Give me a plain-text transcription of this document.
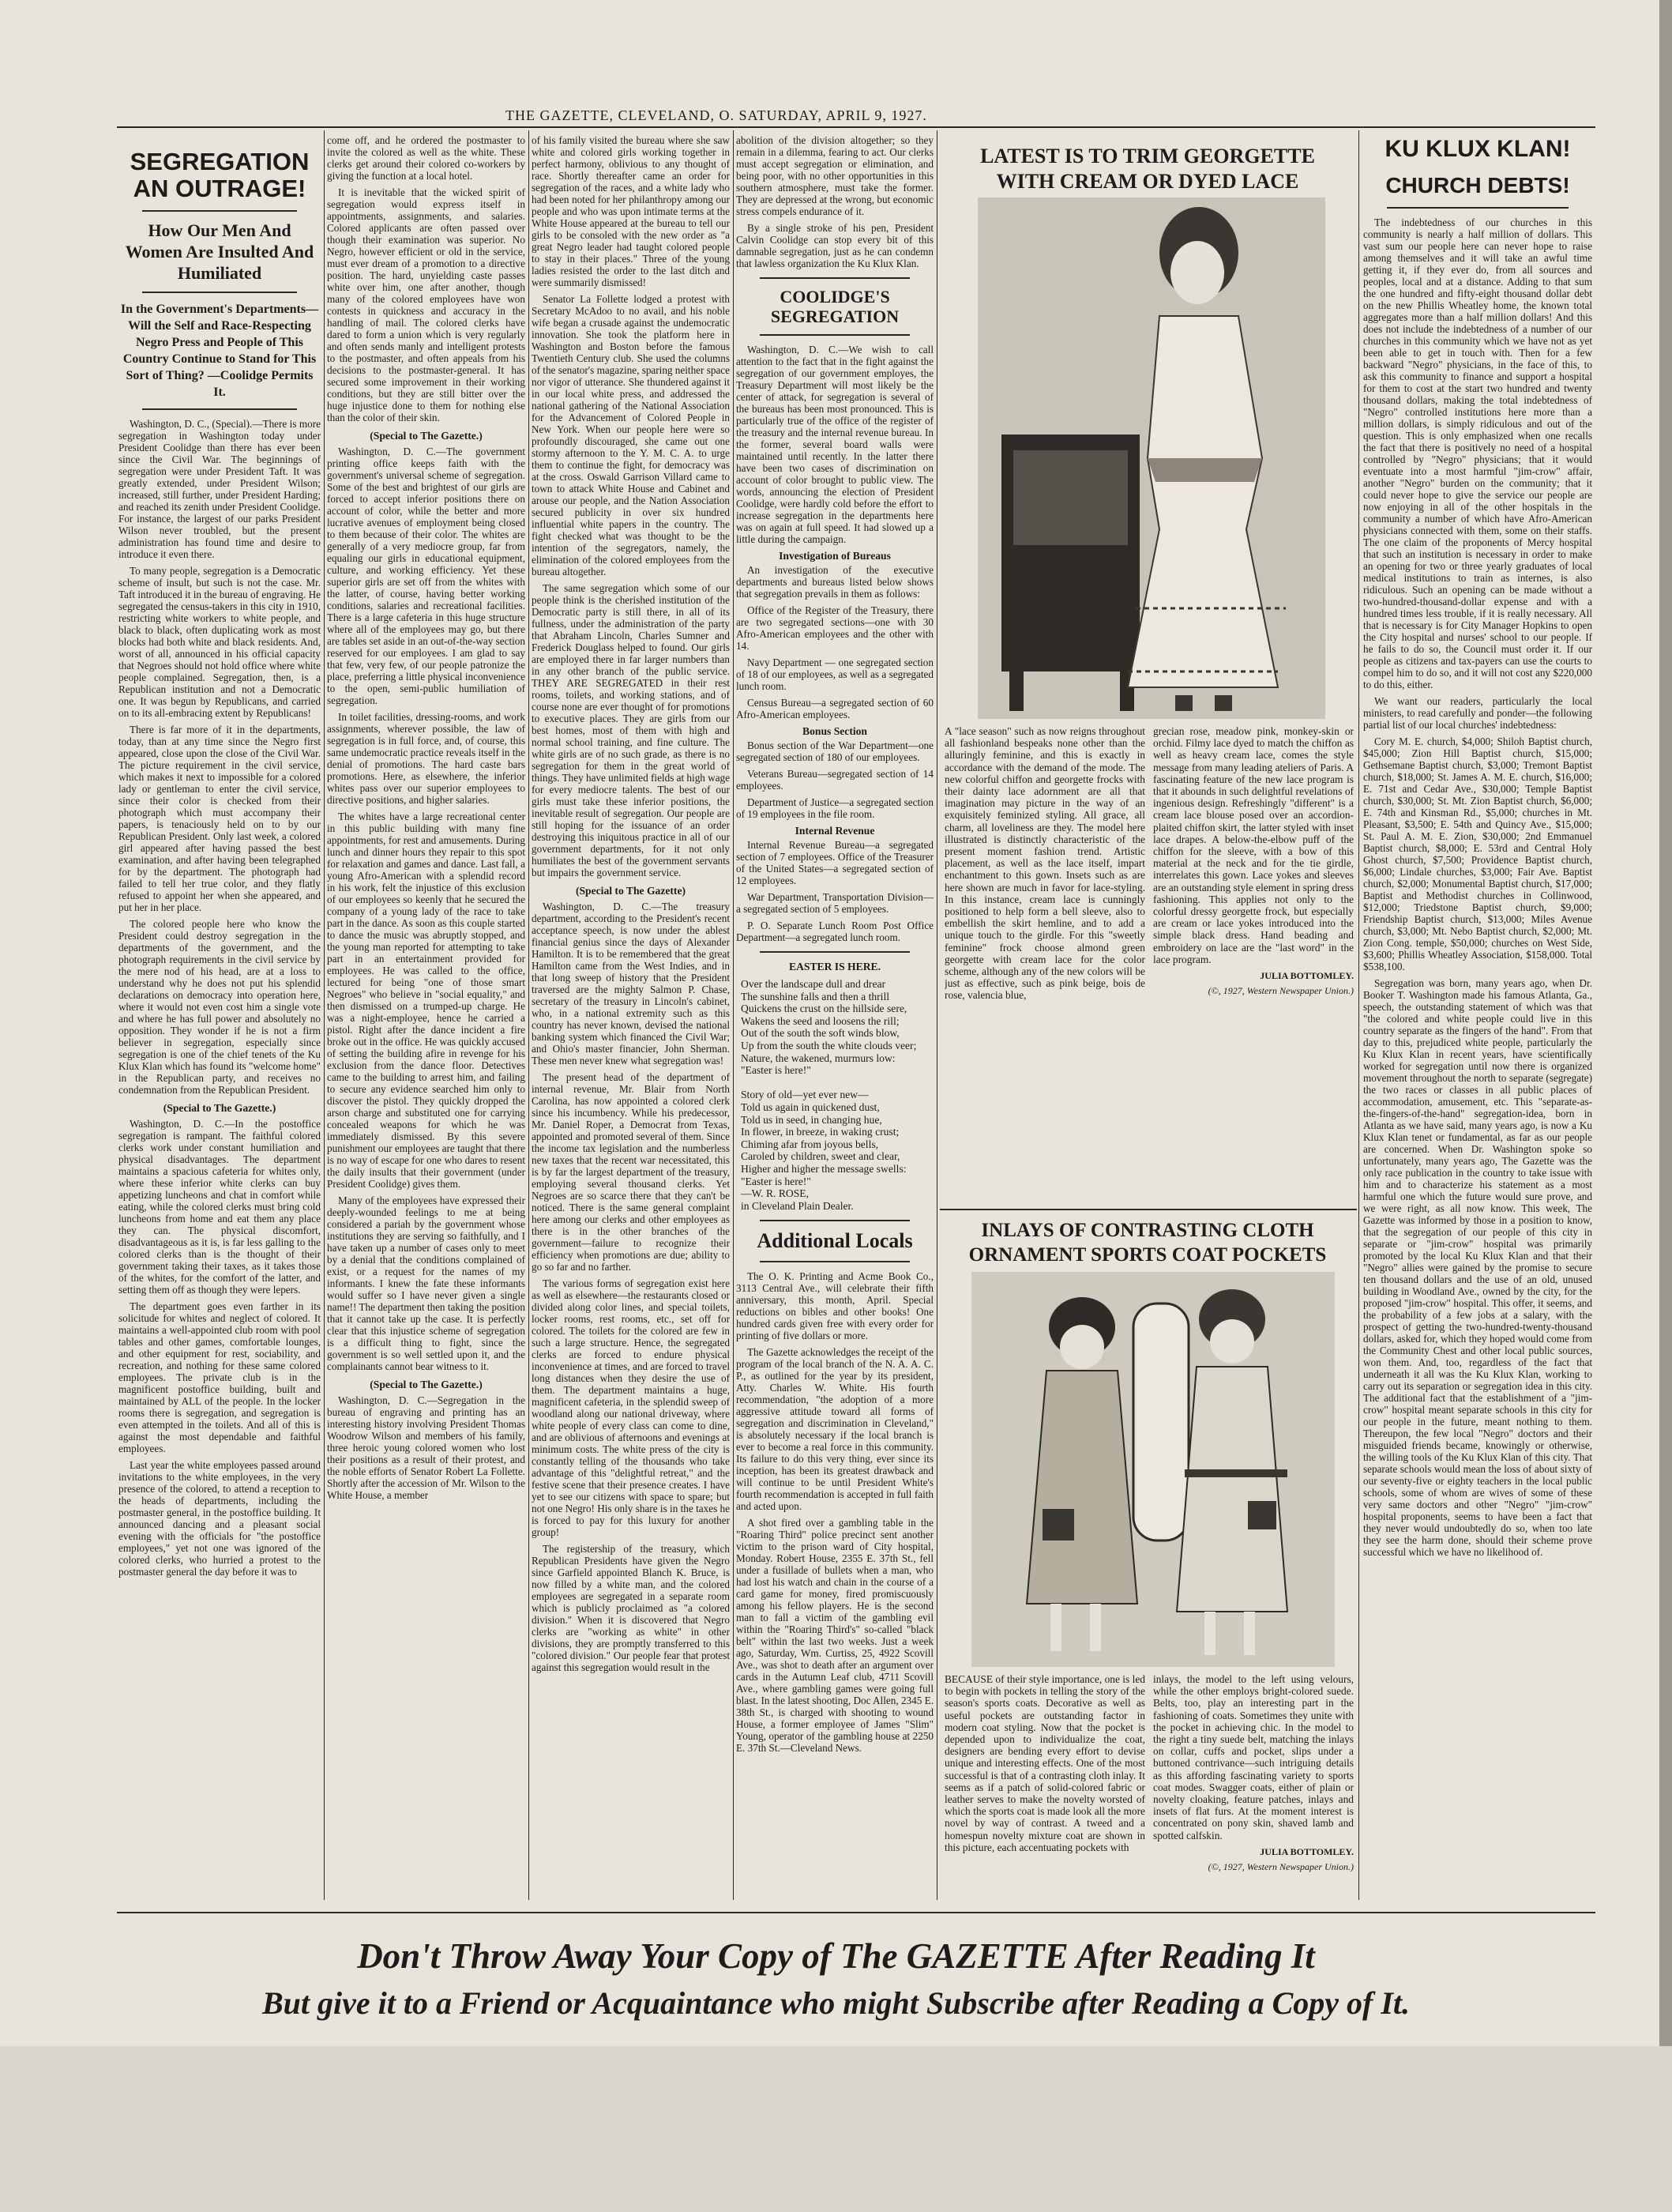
THE GAZETTE, CLEVELAND, O. SATURDAY, APRIL 9, 1927.
SEGREGATION AN OUTRAGE!
How Our Men And Women Are Insulted And Humiliated
In the Government's Departments—Will the Self and Race-Respecting Negro Press and People of This Country Continue to Stand for This Sort of Thing? —Coolidge Permits It.

Washington, D. C., (Special).—There is more segregation in Washington today under President Coolidge than there has ever been since the Civil War. The beginnings of segregation were under President Taft. It was greatly extended, under President Wilson; increased, still further, under President Harding; and reached its zenith under President Coolidge. For instance, the largest of our parks President Wilson never troubled, but the present administration has found time and desire to introduce it even there.

To many people, segregation is a Democratic scheme of insult, but such is not the case. Mr. Taft introduced it in the bureau of engraving. He segregated the census-takers in this city in 1910, restricting white workers to white people, and black to black, often duplicating work as most blocks had both white and black residents. And, worst of all, announced in his official capacity that Negroes should not hold office where white people complained. Segregation, then, is a Republican institution and not a Democratic one. It was begun by Republicans, and carried on to its all-embracing extent by Republicans!

There is far more of it in the departments, today, than at any time since the Negro first appeared, close upon the close of the Civil War. The picture requirement in the civil service, which makes it next to impossible for a colored lady or gentleman to enter the civil service, since their color is checked from their photograph which must accompany their papers, is tenaciously held on to by our Republican President. Only last week, a colored girl appeared after having passed the best examination, and after having been telegraphed for by the department. The photograph had failed to tell her true color, and they flatly refused to appoint her when she appeared, and put her in her place.

The colored people here who know the President could destroy segregation in the departments of the government, and the photograph requirements in the civil service by the mere nod of his head, are at a loss to understand why he does not put his splendid declarations on democracy into operation here, where it would not even cost him a single vote and where he has full power and absolutely no opposition. They wonder if he is not a firm believer in segregation, especially since segregation is one of the chief tenets of the Ku Klux Klan which has found its "welcome home" in the Republican party, and receives no condemnation from the Republican President.

(Special to The Gazette.)

Washington, D. C.—In the postoffice segregation is rampant. The faithful colored clerks work under constant humiliation and physical disadvantages. The department maintains a spacious cafeteria for whites only, where these inferior white clerks can buy appetizing luncheons and chat in comfort while eating, while the colored clerks must bring cold luncheons from home and eat them any place they can. The physical discomfort, disadvantageous as it is, is far less galling to the colored clerks than is the thought of their government taking their taxes, as it takes those of the whites, for the comfort of the latter, and setting them off as though they were lepers.

The department goes even farther in its solicitude for whites and neglect of colored. It maintains a well-appointed club room with pool tables and other games, comfortable lounges, and other equipment for rest, sociability, and recreation, and nothing for these same colored employees. The private club is in the magnificent postoffice building, built and maintained by ALL of the people. In the locker rooms there is segregation, and segregation is even attempted in the toilets. And all of this is against the most dependable and faithful employees.

Last year the white employees passed around invitations to the white employees, in the very presence of the colored, to attend a reception to the heads of departments, including the postmaster general, in the postoffice building. It announced dancing and a pleasant social evening with the officials for "the postoffice employees," yet not one was ignored of the colored clerks, who hurried a protest to the postmaster general the day before it was to

come off, and he ordered the postmaster to invite the colored as well as the white. These clerks get around their colored co-workers by giving the function at a local hotel.

It is inevitable that the wicked spirit of segregation would express itself in appointments, assignments, and salaries. Colored applicants are often passed over though their examination was superior. No Negro, however efficient or old in the service, must ever dream of a promotion to a directive position. The hard, unyielding caste passes white over him, one after another, though many of the colored employees have won contests in quickness and accuracy in the handling of mail. The colored clerks have dared to form a union which is very regularly and often sends manly and intelligent protests to the postmaster, and often appeals from his decisions to the postmaster-general. It has secured some improvement in their working conditions, but they are still bitter over the huge injustice done to them for nothing else than the color of their skin.

(Special to The Gazette.)

Washington, D. C.—The government printing office keeps faith with the government's universal scheme of segregation. Some of the best and brightest of our girls are forced to accept inferior positions there on account of color, while the better and more lucrative avenues of employment being closed to them because of their color. The whites are generally of a very mediocre group, far from equaling our girls in educational equipment, culture, and working efficiency. Yet these superior girls are set off from the whites with the latter, of course, having better working conditions, salaries and recreational facilities. There is a large cafeteria in this huge structure where all of the employees may go, but there are tables set aside in an out-of-the-way section reserved for our employees. I am glad to say that few, very few, of our people patronize the place, preferring a little physical inconvenience to the open, semi-public humiliation of segregation.

In toilet facilities, dressing-rooms, and work assignments, wherever possible, the law of segregation is in full force, and, of course, this same undemocratic practice reveals itself in the denial of promotions. The hard caste bars promotions. Here, as elsewhere, the inferior whites pass over our superior employees to directive positions, and higher salaries.

The whites have a large recreational center in this public building with many fine appointments, for rest and amusements. During lunch and dinner hours they repair to this spot for relaxation and games and dance. Last fall, a young Afro-American with a splendid record in his work, felt the injustice of this exclusion of our employees so keenly that he secured the company of a young lady of the race to take part in the dance. As soon as this couple started to dance the music was abruptly stopped, and the young man reported for attempting to take part in an entertainment provided for employees. He was called to the office, lectured for being "one of those smart Negroes" who believe in "social equality," and then dismissed on a trumped-up charge. He was a night-employee, hence he carried a pistol. Right after the dance incident a fire broke out in the office. He was quickly accused of setting the building afire in revenge for his exclusion from the dance floor. Detectives came to the building to arrest him, and failing to secure any evidence searched him only to discover the pistol. They quickly dropped the arson charge and substituted one for carrying concealed weapons for which he was immediately dismissed. By this severe punishment our employees are taught that there is no way of escape for one who dares to resent the daily insults that their government (under President Coolidge) gives them.

Many of the employees have expressed their deeply-wounded feelings to me at being considered a pariah by the government whose institutions they are serving so faithfully, and I have taken up a number of cases only to meet by a denial that the conditions complained of exist, or a request for the names of my informants. I knew the fate these informants would suffer so I have never given a single name!! The department then taking the position that it cannot take up the case. It is perfectly clear that this injustice scheme of segregation is a difficult thing to fight, since the government is so well settled upon it, and the complainants cannot bear witness to it.

(Special to The Gazette.)

Washington, D. C.—Segregation in the bureau of engraving and printing has an interesting history involving President Thomas Woodrow Wilson and members of his family, three heroic young colored women who lost their positions as a result of their protest, and the noble efforts of Senator Robert La Follette. Shortly after the accession of Mr. Wilson to the White House, a member

of his family visited the bureau where she saw white and colored girls working together in perfect harmony, oblivious to any thought of race. Shortly thereafter came an order for segregation of the races, and a white lady who had been noted for her philanthropy among our people and who was upon intimate terms at the White House appeared at the bureau to tell our girls to be consoled with the new order as "a great Negro leader had taught colored people to stay in their places." Three of the young ladies resisted the order to the last ditch and were summarily dismissed!

Senator La Follette lodged a protest with Secretary McAdoo to no avail, and his noble wife began a crusade against the undemocratic innovation. She took the platform here in Washington and Boston before the famous Twentieth Century club. She used the columns of the senator's magazine, sparing neither space nor vigor of utterance. She thundered against it in our local white press, and addressed the national gathering of the National Association for the Advancement of Colored People in New York. When our people here were so profoundly discouraged, she came out one stormy afternoon to the Y. M. C. A. to urge them to continue the fight, for democracy was at the cross. Oswald Garrison Villard came to town to attack White House and Cabinet and arouse our people, and the Nation Association secured publicity in over six hundred influential white papers in the country. The fight checked what was thought to be the intention of the segregators, namely, the elimination of the colored employees from the bureau altogether.

The same segregation which some of our people think is the cherished institution of the Democratic party is still there, in all of its fullness, under the administration of the party that Abraham Lincoln, Charles Sumner and Frederick Douglass helped to found. Our girls are employed there in far larger numbers than in any other branch of the public service. THEY ARE SEGREGATED in their rest rooms, toilets, and working stations, and of course none are ever thought of for promotions to executive places. They are girls from our best homes, most of them with high and normal school training, and fine culture. The white girls are of no such grade, as there is no segregation for them in the great world of things. They have unlimited fields at high wage for every mediocre talents. The best of our girls must take these inferior positions, the inevitable result of segregation. Our people are still hoping for the issuance of an order destroying this iniquitous practice in all of our government departments, for it not only humiliates the best of the government servants but impairs the government service.

(Special to The Gazette)

Washington, D. C.—The treasury department, according to the President's recent acceptance speech, is now under the ablest financial genius since the days of Alexander Hamilton. It is to be remembered that the great Hamilton came from the West Indies, and in that long sweep of history that the President traversed are the mighty Salmon P. Chase, secretary of the treasury in Lincoln's cabinet, who, in a national extremity such as this country has never known, devised the national banking system which financed the Civil War; and Ohio's master financier, John Sherman. These men never knew what segregation was!

The present head of the department of internal revenue, Mr. Blair from North Carolina, has now appointed a colored clerk since his incumbency. While his predecessor, Mr. Daniel Roper, a Democrat from Texas, appointed and promoted several of them. Since the income tax legislation and the numberless new taxes that the recent war necessitated, this is by far the largest department of the treasury, employing several thousand clerks. Yet Negroes are so scarce there that they can't be noticed. There is the same general complaint here among our clerks and other employees as there is in the other branches of the government—failure to recognize their efficiency when promotions are due; ability to go so far and no farther.

The various forms of segregation exist here as well as elsewhere—the restaurants closed or divided along color lines, and special toilets, locker rooms, rest rooms, etc., set off for colored. The toilets for the colored are few in such a large structure. Hence, the segregated clerks are forced to endure physical inconvenience at times, and are forced to travel long distances when they desire the use of them. The department maintains a huge, magnificent cafeteria, in the splendid sweep of woodland along our national driveway, where white people of every class can come to dine, and are oblivious of afternoons and evenings at minimum costs. The white press of the city is constantly telling of the thousands who take advantage of this "delightful retreat," and the festive scene that their presence creates. I have yet to see our citizens with space to spare; but not one Negro! His only share is in the taxes he is forced to pay for this luxury for another group!

The registership of the treasury, which Republican Presidents have given the Negro since Garfield appointed Blanch K. Bruce, is now filled by a white man, and the colored employees are segregated in a separate room which is publicly proclaimed as "a colored division." When it is discovered that Negro clerks are "working as white" in other divisions, they are promptly transferred to this "colored division." Our people fear that protest against this segregation would result in the

abolition of the division altogether; so they remain in a dilemma, fearing to act. Our clerks must accept segregation or elimination, and being poor, with no other opportunities in this southern atmosphere, must take the former. They are depressed at the wrong, but economic stress compels endurance of it.

By a single stroke of his pen, President Calvin Coolidge can stop every bit of this damnable segregation, just as he can condemn that lawless organization the Ku Klux Klan.

COOLIDGE'S SEGREGATION

Washington, D. C.—We wish to call attention to the fact that in the fight against the segregation of our government employes, the Treasury Department will most likely be the center of attack, for segregation is several of the bureaus has been most pronounced. This is particularly true of the office of the register of the treasury and the internal revenue bureau. In the former, several board walls were maintained until recently. In the latter there have been two cases of discrimination on account of color brought to public view. The words, announcing the election of President Coolidge, were hardly cold before the effort to increase segregation in the departments here was on again at full speed. It had slowed up a little during the campaign.

Investigation of Bureaus

An investigation of the executive departments and bureaus listed below shows that segregation prevails in them as follows:

Office of the Register of the Treasury, there are two segregated sections—one with 30 Afro-American employees and the other with 14.

Navy Department — one segregated section of 18 of our employees, as well as a segregated lunch room.

Census Bureau—a segregated section of 60 Afro-American employees.

Bonus Section

Bonus section of the War Department—one segregated section of 180 of our employees.

Veterans Bureau—segregated section of 14 employees.

Department of Justice—a segregated section of 19 employees in the file room.

Internal Revenue

Internal Revenue Bureau—a segregated section of 7 employees. Office of the Treasurer of the United States—a segregated section of 12 employees.

War Department, Transportation Division—a segregated section of 5 employees.

P. O. Separate Lunch Room Post Office Department—a segregated lunch room.

EASTER IS HERE.
Over the landscape dull and drear
The sunshine falls and then a thrill
Quickens the crust on the hillside sere,
Wakens the seed and loosens the rill;
Out of the south the soft winds blow,
Up from the south the white clouds veer;
Nature, the wakened, murmurs low:
"Easter is here!"

Story of old—yet ever new—
Told us again in quickened dust,
Told us in seed, in changing hue,
In flower, in breeze, in waking crust;
Chiming afar from joyous bells,
Caroled by children, sweet and clear,
Higher and higher the message swells:
"Easter is here!"
—W. R. ROSE,
in Cleveland Plain Dealer.
Additional Locals

The O. K. Printing and Acme Book Co., 3113 Central Ave., will celebrate their fifth anniversary, this month, April. Special reductions on bibles and other books! One hundred cards given free with every order for printing of five dollars or more.

The Gazette acknowledges the receipt of the program of the local branch of the N. A. A. C. P., as outlined for the year by its president, Atty. Charles W. White. His fourth recommendation, "the adoption of a more aggressive attitude toward all forms of segregation and discrimination in Cleveland," is absolutely necessary if the local branch is ever to become a real force in this community. Its failure to do this very thing, ever since its inception, has been its greatest drawback and will continue to be until President White's fourth recommendation is accepted in full faith and acted upon.

A shot fired over a gambling table in the "Roaring Third" police precinct sent another victim to the prison ward of City hospital, Monday. Robert House, 2355 E. 37th St., fell under a fusillade of bullets when a man, who had lost his watch and chain in the course of a card game for money, fired promiscuously among his fellow players. He is the second man to fall a victim of the gambling evil within the "Roaring Third's" so-called "black belt" within the last two weeks. Just a week ago, Saturday, Wm. Curtiss, 25, 4922 Scovill Ave., was shot to death after an argument over cards in the Autumn Leaf club, 4711 Scovill Ave., where gambling games were going full blast. In the latest shooting, Doc Allen, 2345 E. 38th St., is charged with shooting to wound House, a former employee of James "Slim" Young, operator of the gambling house at 2250 E. 37th St.—Cleveland News.

LATEST IS TO TRIM GEORGETTE WITH CREAM OR DYED LACE

A "lace season" such as now reigns throughout all fashionland bespeaks none other than the alluringly feminine, and this is exactly in accordance with the demand of the mode. The new colorful chiffon and georgette frocks with their dainty lace adornment are all that imagination may picture in the way of an exquisitely feminized styling. All grace, all charm, all loveliness are they. The model here illustrated is distinctly characteristic of the present moment fashion trend. Artistic placement, as well as the lace itself, impart enchantment to this gown. Insets such as are here shown are much in favor for lace-styling. In this instance, cream lace is cunningly positioned to help form a bell sleeve, also to embellish the skirt hemline, and to add a unique touch to the girdle. For this "sweetly feminine" frock choose almond green georgette with cream lace for the color scheme, although any of the new colors will be just as effective, such as pink beige, bois de rose, valencia blue,

grecian rose, meadow pink, monkey-skin or orchid. Filmy lace dyed to match the chiffon as well as heavy cream lace, comes the style message from many leading ateliers of Paris. A fascinating feature of the new lace program is that it abounds in such delightful revelations of ingenious design. Refreshingly "different" is a cream lace blouse posed over an accordion-plaited chiffon skirt, the latter styled with inset lace drapes. A below-the-elbow puff of the chiffon for the sleeve, with a bow of this material at the neck and for the tie girdle, interrelates this gown. Lace yokes and sleeves are an outstanding style element in spring dress fashioning. This applies not only to the colorful dressy georgette frock, but especially are cream or lace yokes introduced into the simple black dress. Hand beading and embroidery on lace are the "last word" in the lace program.

JULIA BOTTOMLEY.
(©, 1927, Western Newspaper Union.)
INLAYS OF CONTRASTING CLOTH ORNAMENT SPORTS COAT POCKETS

BECAUSE of their style importance, one is led to begin with pockets in telling the story of the season's sports coats. Decorative as well as useful pockets are outstanding factor in modern coat styling. Now that the pocket is depended upon to individualize the coat, designers are bending every effort to devise unique and interesting effects. One of the most successful is that of a contrasting cloth inlay. It seems as if a patch of solid-colored fabric or leather serves to make the novelty worsted of which the sports coat is made look all the more novel by way of contrast. A tweed and a homespun novelty mixture coat are shown in this picture, each accentuating pockets with

inlays, the model to the left using velours, while the other employs bright-colored suede. Belts, too, play an interesting part in the fashioning of coats. Sometimes they unite with the pocket in achieving chic. In the model to the right a tiny suede belt, matching the inlays on collar, cuffs and pocket, slips under a buttoned contrivance—such intriguing details as this affording fascinating variety to sports coat modes. Swagger coats, either of plain or novelty cloaking, feature patches, inlays and insets of flat furs. At the moment interest is concentrated on pony skin, shaved lamb and spotted calfskin.

JULIA BOTTOMLEY.
(©, 1927, Western Newspaper Union.)
KU KLUX KLAN!
CHURCH DEBTS!

The indebtedness of our churches in this community is nearly a half million of dollars. This vast sum our people here can never hope to raise among themselves and it will take an awful time getting it, if they ever do, from all sources and peoples, local and at a distance. Adding to that sum the one hundred and fifty-eight thousand dollar debt on the new Phillis Wheatley home, the known total aggregates more than a half million dollars! And this does not include the indebtedness of a number of our churches in this community which we have not as yet been able to get in touch with. Then for a few backward "Negro" physicians, in the face of this, to ask this community to finance and support a hospital for them to cost at the start two hundred and twenty thousand dollars, making the total indebtedness of "Negro" controlled institutions here more than a million dollars, is simply ridiculous and out of the question. This is only emphasized when one recalls the fact that there is positively no need of a hospital controlled by "Negro" physicians; that it would eventuate into a most harmful "jim-crow" affair, another "Negro" burden on the community; that it could never hope to give the service our people are now enjoying in all of the other hospitals in the community a number of which have Afro-American physicians connected with them, some on their staffs. The one claim of the proponents of Mercy hospital that such an institution is necessary in order to make an opening for two or three yearly graduates of local medical institutions to train as internes, is also ridiculous. Such an opening can be made without a two-hundred-thousand-dollar expense and with a hundred times less trouble, if it is really necessary. All that is necessary is for City Manager Hopkins to open the City hospital and nurses' school to our people. If he fails to do so, the Council must order it. If our people as citizens and tax-payers can use the courts to compel him to do so, and it will not cost any $220,000 to do this, either.

We want our readers, particularly the local ministers, to read carefully and ponder—the following partial list of our local churches' indebtedness:

Cory M. E. church, $4,000; Shiloh Baptist church, $45,000; Zion Hill Baptist church, $15,000; Gethsemane Baptist church, $3,000; Tremont Baptist church, $18,000; St. James A. M. E. church, $16,000; E. 71st and Cedar Ave., $30,000; Temple Baptist church, $30,000; St. Mt. Zion Baptist church, $6,000; E. 74th and Kinsman Rd., $5,000; churches in Mt. Pleasant, $3,500; E. 54th and Quincy Ave., $15,000; St. Paul A. M. E. Zion, $30,000; 2nd Emmanuel Baptist church, $8,000; E. 53rd and Central Holy Ghost church, $7,500; Providence Baptist church, $6,000; Lindale churches, $3,000; Fair Ave. Baptist church, $2,000; Monumental Baptist church, $17,000; Baptist and Methodist churches in Collinwood, $12,000; Triedstone Baptist church, $9,000; Friendship Baptist church, $13,000; Miles Avenue church, $3,000; Mt. Nebo Baptist church, $2,000; Mt. Zion Cong. temple, $50,000; churches on West Side, $3,600; Phillis Wheatley Association, $158,000. Total $538,100.

Segregation was born, many years ago, when Dr. Booker T. Washington made his famous Atlanta, Ga., speech, the outstanding statement of which was that "the colored and white people could live in this country separate as the fingers of the hand". From that day to this, prejudiced white people, particularly the Ku Klux Klan in recent years, have scientifically worked for segregation until now there is organized movement throughout the north to separate (segregate) the two races or classes in all public places of accommodation, amusement, etc. This "separate-as-the-fingers-of-the-hand" segregation-idea, born in Atlanta as we have said, many years ago, is now a Ku Klux Klan tenet or fundamental, as far as our people are concerned. When Dr. Washington spoke so unfortunately, many years ago, The Gazette was the only race publication in the country to take issue with him and to characterize his statement as a most harmful one which the future would sure prove, and we were right, as all now know. This week, The Gazette was informed by those in a position to know, that the segregation of our people of this city in separate or "jim-crow" hospital was primarily promoted by the local Ku Klux Klan and that their "Negro" allies were gained by the promise to secure ten thousand dollars and the use of an old, unused building in Woodland Ave., owned by the city, for the proposed "jim-crow" hospital. This offer, it seems, and the probability of a few jobs at a salary, with the prospect of getting the two-hundred-twenty-thousand dollars, asked for, which they hoped would come from the Community Chest and other local public sources, won them. And, too, regardless of the fact that underneath it all was the Ku Klux Klan, working to carry out its separation or segregation idea in this city. The additional fact that the establishment of a "jim-crow" hospital meant separate schools in this city for our people in the future, meant nothing to them. Thereupon, the few local "Negro" doctors and their misguided friends became, knowingly or otherwise, the willing tools of the Ku Klux Klan of this city. That separate schools would mean the loss of about sixty of our seventy-five or eighty teachers in the local public schools, some of whom are wives of some of these very same doctors and other "Negro" "jim-crow" hospital proponents, seems to have been a fact that they never would undoubtedly do so, when too late they see the harm done, should their scheme prove successful which we have no likelihood of.

Don't Throw Away Your Copy of The GAZETTE After Reading It
But give it to a Friend or Acquaintance who might Subscribe after Reading a Copy of It.
